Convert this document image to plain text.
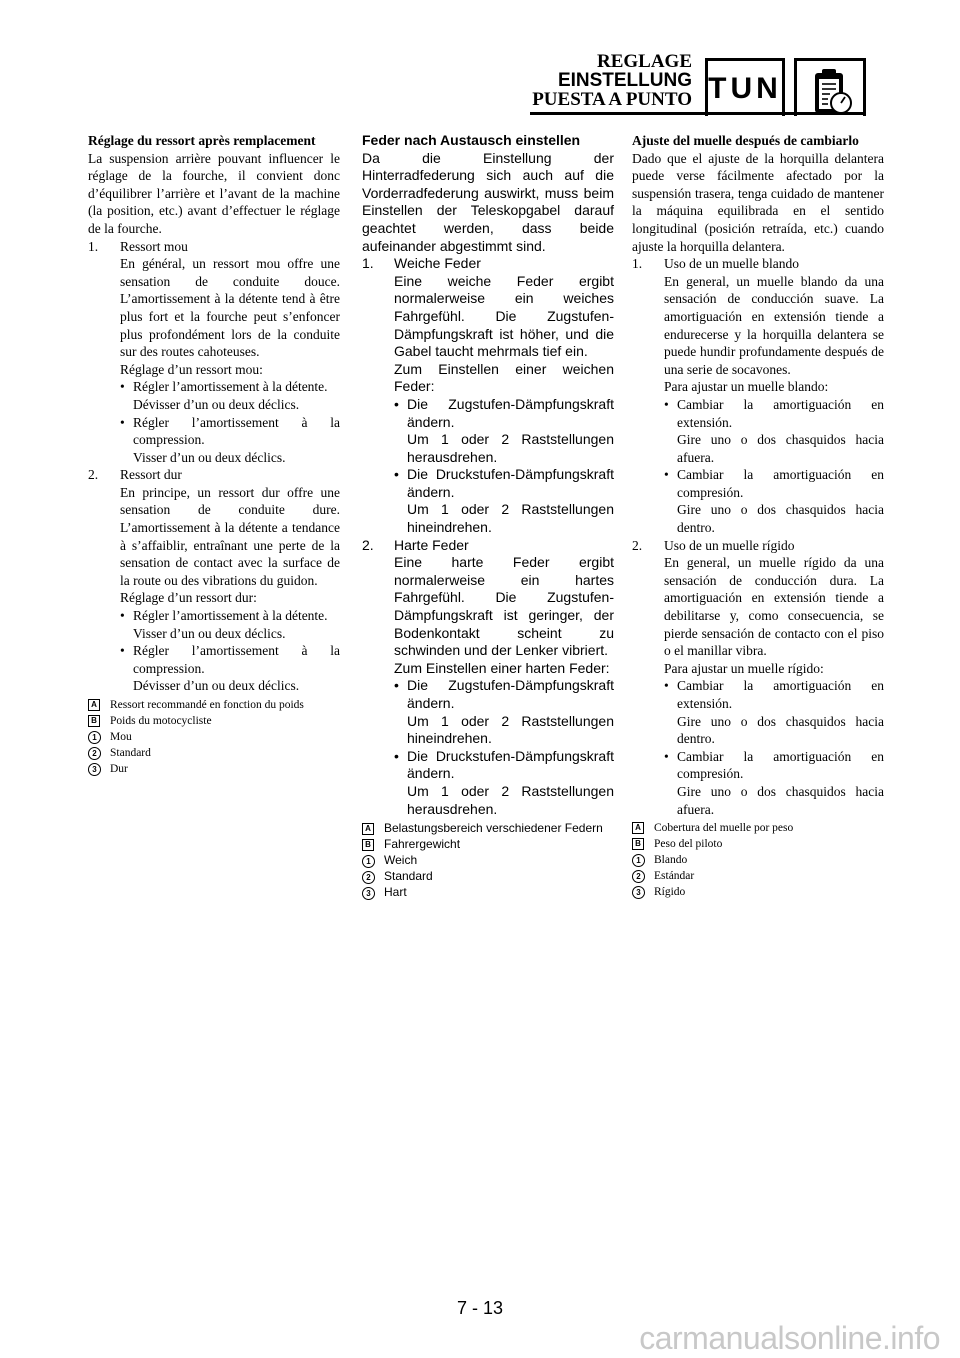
REGLAGE
EINSTELLUNG
PUESTA A PUNTO TUN

Réglage du ressort après remplacement

La suspension arrière pouvant influencer le réglage de la fourche, il convient donc d’équilibrer l’arrière et l’avant de la machine (la position, etc.) avant d’effectuer le réglage de la fourche.

1. Ressort mou

En général, un ressort mou offre une sensation de conduite douce. L’amortissement à la détente tend à être plus fort et la fourche peut s’enfoncer plus profondément lors de la conduite sur des routes cahoteuses.

Réglage d’un ressort mou:

• Régler l’amortissement à la détente.

Dévisser d’un ou deux déclics.

• Régler l’amortissement à la compression.

Visser d’un ou deux déclics.

2. Ressort dur

En principe, un ressort dur offre une sensation de conduite dure. L’amortissement à la détente a tendance à s’affaiblir, entraînant une perte de la sensation de contact avec la surface de la route ou des vibrations du guidon.

Réglage d’un ressort dur:

• Régler l’amortissement à la détente.

Visser d’un ou deux déclics.

• Régler l’amortissement à la compression.

Dévisser d’un ou deux déclics.

A	Ressort recommandé en fonction du poids
B	Poids du motocycliste
1	Mou
2	Standard
3	Dur

Feder nach Austausch einstellen

Da die Einstellung der Hinterradfederung sich auch auf die Vorderradfederung auswirkt, muss beim Einstellen der Teleskopgabel darauf geachtet werden, dass beide aufeinander abgestimmt sind.

1. Weiche Feder

Eine weiche Feder ergibt normalerweise ein weiches Fahrgefühl. Die Zugstufen-Dämpfungskraft ist höher, und die Gabel taucht mehrmals tief ein.

Zum Einstellen einer weichen Feder:

• Die Zugstufen-Dämpfungskraft ändern.

Um 1 oder 2 Raststellungen herausdrehen.

• Die Druckstufen-Dämpfungskraft ändern.

Um 1 oder 2 Raststellungen hineindrehen.

2. Harte Feder

Eine harte Feder ergibt normalerweise ein hartes Fahrgefühl. Die Zugstufen-Dämpfungskraft ist geringer, der Bodenkontakt scheint zu schwinden und der Lenker vibriert.

Zum Einstellen einer harten Feder:

• Die Zugstufen-Dämpfungskraft ändern.

Um 1 oder 2 Raststellungen hineindrehen.

• Die Druckstufen-Dämpfungskraft ändern.

Um 1 oder 2 Raststellungen herausdrehen.

A	Belastungsbereich verschiedener Federn
B	Fahrergewicht
1	Weich
2	Standard
3	Hart

Ajuste del muelle después de cambiarlo

Dado que el ajuste de la horquilla delantera puede verse fácilmente afectado por la suspensión trasera, tenga cuidado de mantener la máquina equilibrada en el sentido longitudinal (posición retraída, etc.) cuando ajuste la horquilla delantera.

1. Uso de un muelle blando

En general, un muelle blando da una sensación de conducción suave. La amortiguación en extensión tiende a endurecerse y la horquilla delantera se puede hundir profundamente después de una serie de socavones.

Para ajustar un muelle blando:

• Cambiar la amortiguación en extensión.

Gire uno o dos chasquidos hacia afuera.

• Cambiar la amortiguación en compresión.

Gire uno o dos chasquidos hacia dentro.

2. Uso de un muelle rígido

En general, un muelle rígido da una sensación de conducción dura. La amortiguación en extensión tiende a debilitarse y, como consecuencia, se pierde sensación de contacto con el piso o el manillar vibra.

Para ajustar un muelle rígido:

• Cambiar la amortiguación en extensión.

Gire uno o dos chasquidos hacia dentro.

• Cambiar la amortiguación en compresión.

Gire uno o dos chasquidos hacia afuera.

A	Cobertura del muelle por peso
B	Peso del piloto
1	Blando
2	Estándar
3	Rígido
7 - 13
carmanualsonline.info
